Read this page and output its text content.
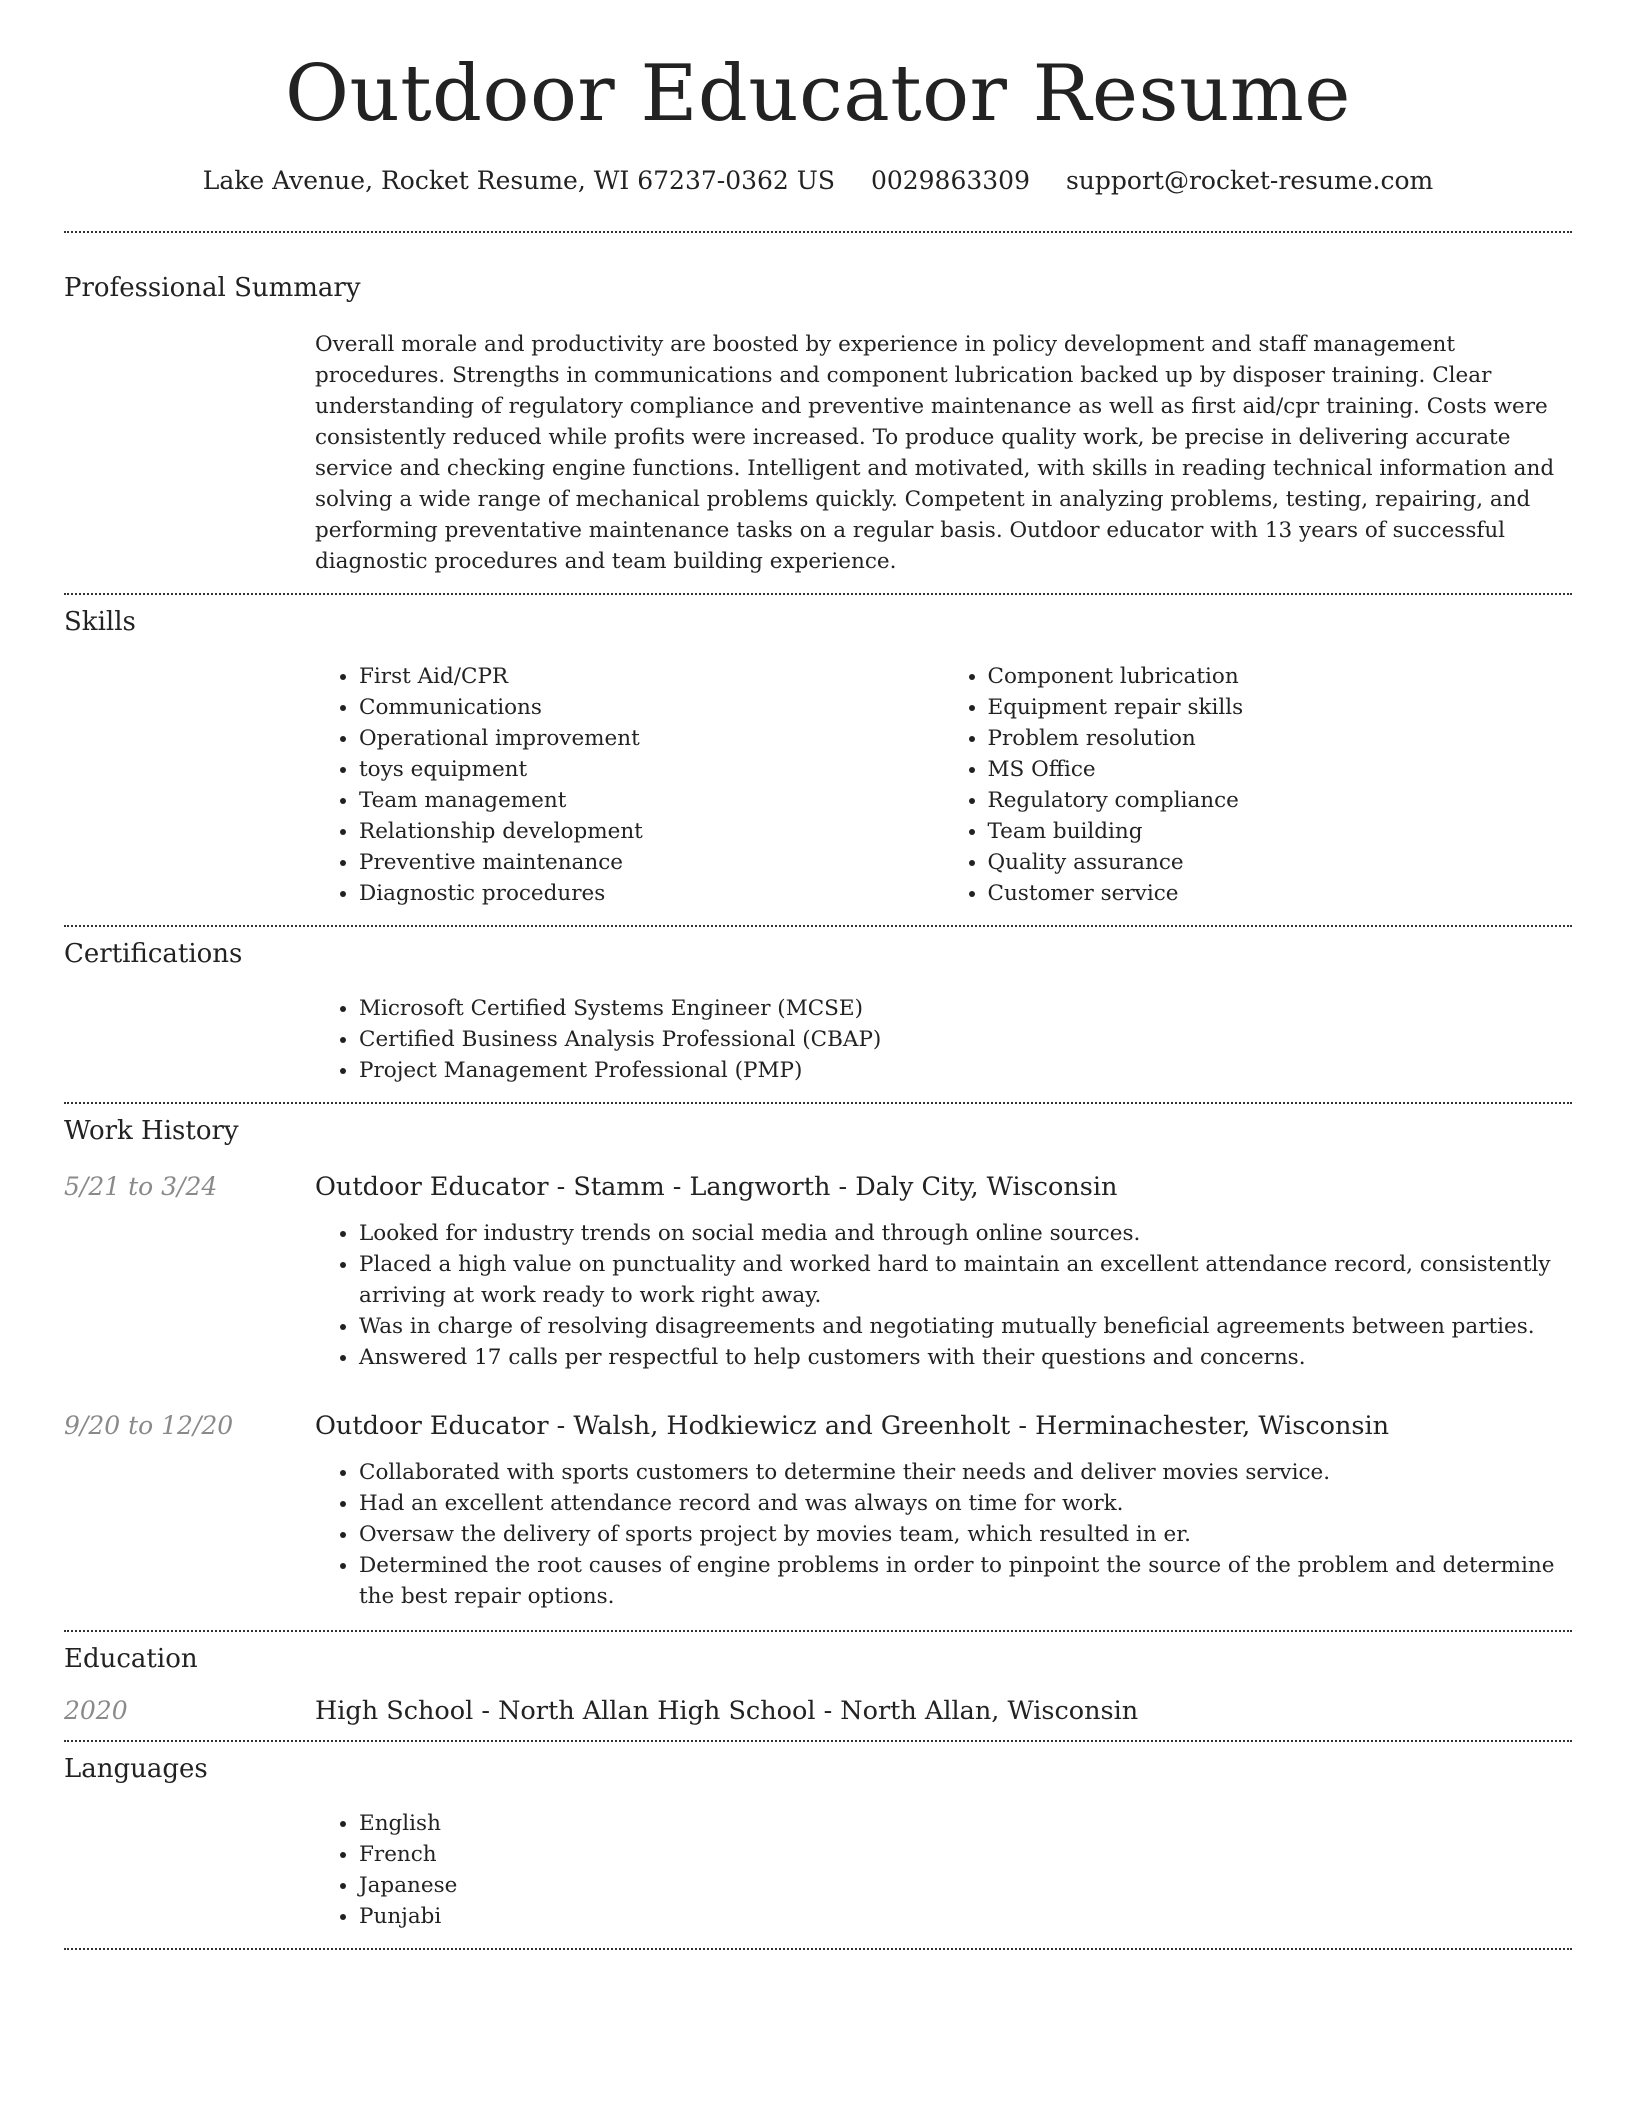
Outdoor Educator Resume
Lake Avenue, Rocket Resume, WI 67237-0362 US 0029863309 support@rocket-resume.com
Professional Summary

Overall morale and productivity are boosted by experience in policy development and staff management procedures. Strengths in communications and component lubrication backed up by disposer training. Clear understanding of regulatory compliance and preventive maintenance as well as first aid/cpr training. Costs were consistently reduced while profits were increased. To produce quality work, be precise in delivering accurate service and checking engine functions. Intelligent and motivated, with skills in reading technical information and solving a wide range of mechanical problems quickly. Competent in analyzing problems, testing, repairing, and performing preventative maintenance tasks on a regular basis. Outdoor educator with 13 years of successful diagnostic procedures and team building experience.

Skills
• First Aid/CPR
• Communications
• Operational improvement
• toys equipment
• Team management
• Relationship development
• Preventive maintenance
• Diagnostic procedures
• Component lubrication
• Equipment repair skills
• Problem resolution
• MS Office
• Regulatory compliance
• Team building
• Quality assurance
• Customer service
Certifications
• Microsoft Certified Systems Engineer (MCSE)
• Certified Business Analysis Professional (CBAP)
• Project Management Professional (PMP)
Work History
5/21 to 3/24	Outdoor Educator - Stamm - Langworth - Daly City, Wisconsin
• Looked for industry trends on social media and through online sources.
• Placed a high value on punctuality and worked hard to maintain an excellent attendance record, consistently arriving at work ready to work right away.
• Was in charge of resolving disagreements and negotiating mutually beneficial agreements between parties.
• Answered 17 calls per respectful to help customers with their questions and concerns.
9/20 to 12/20	Outdoor Educator - Walsh, Hodkiewicz and Greenholt - Herminachester, Wisconsin
• Collaborated with sports customers to determine their needs and deliver movies service.
• Had an excellent attendance record and was always on time for work.
• Oversaw the delivery of sports project by movies team, which resulted in er.
• Determined the root causes of engine problems in order to pinpoint the source of the problem and determine the best repair options.
Education
2020	High School - North Allan High School - North Allan, Wisconsin
Languages
• English
• French
• Japanese
• Punjabi
